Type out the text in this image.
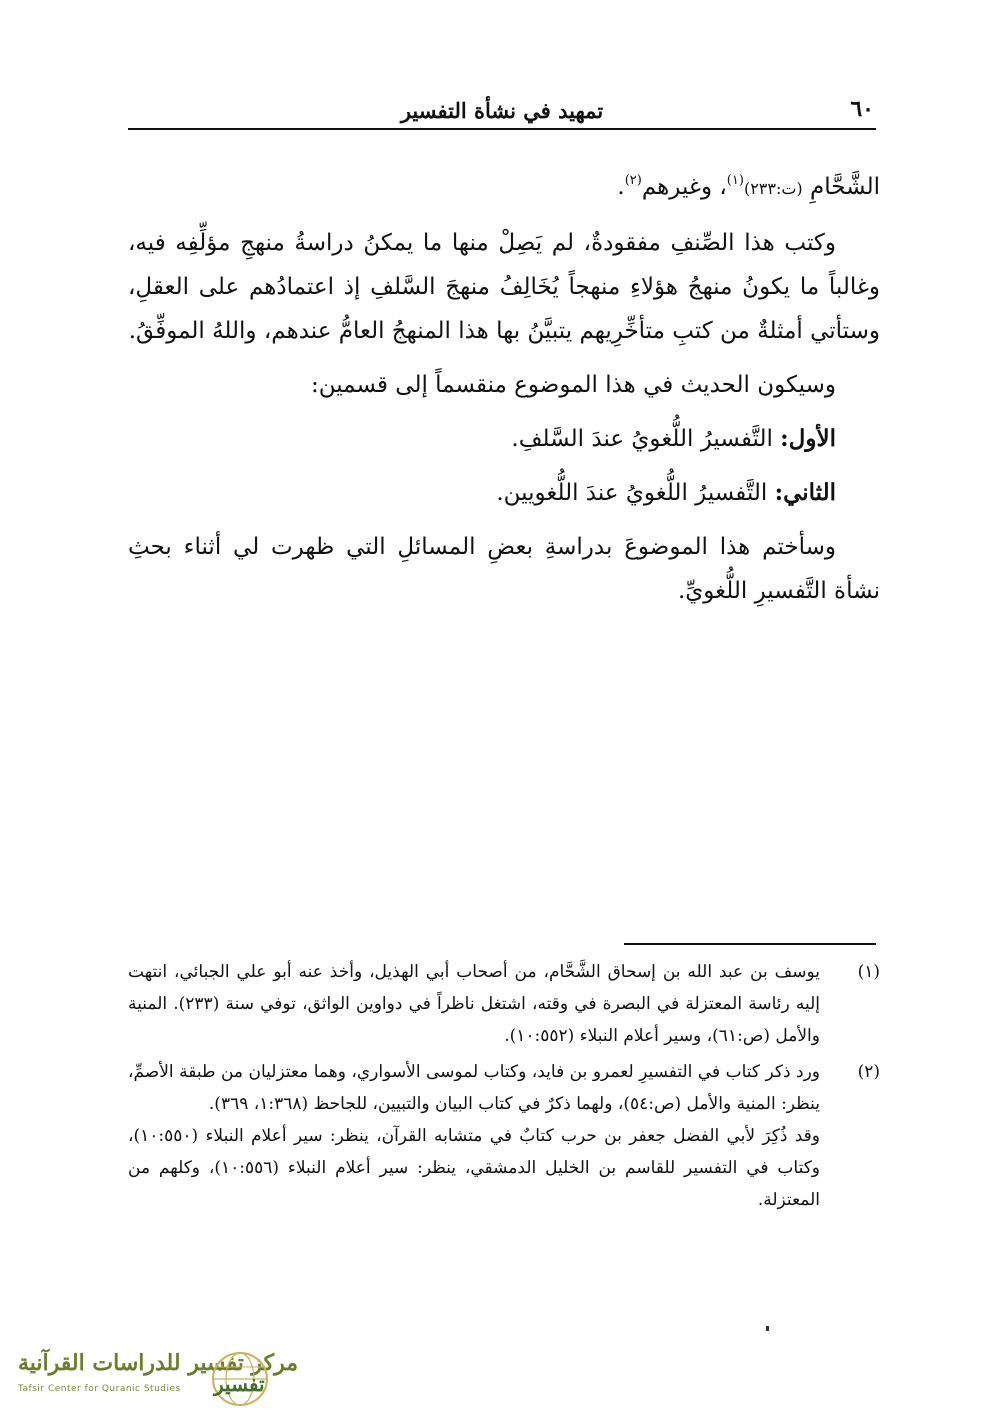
٦٠
تمهيد في نشأة التفسير

الشَّحَّامِ (ت:٢٣٣)$^{(١)}$، وغيرهم$^{(٢)}$.

وكتب هذا الصِّنفِ مفقودةٌ، لم يَصِلْ منها ما يمكنُ دراسةُ منهجِ مؤلِّفِه فيه، وغالباً ما يكونُ منهجُ هؤلاءِ منهجاً يُخَالِفُ منهجَ السَّلفِ إذ اعتمادُهم على العقلِ، وستأتي أمثلةٌ من كتبِ متأخِّرِيهم يتبيَّنُ بها هذا المنهجُ العامُّ عندهم، واللهُ الموفِّقُ.

وسيكون الحديث في هذا الموضوع منقسماً إلى قسمين:

الأول: التَّفسيرُ اللُّغويُ عندَ السَّلفِ.

الثاني: التَّفسيرُ اللُّغويُ عندَ اللُّغويين.

وسأختم هذا الموضوعَ بدراسةِ بعضِ المسائلِ التي ظهرت لي أثناء بحثِ نشأة التَّفسيرِ اللُّغويِّ.

(١)

يوسف بن عبد الله بن إسحاق الشَّحَّام، من أصحاب أبي الهذيل، وأخذ عنه أبو علي الجبائي، انتهت إليه رئاسة المعتزلة في البصرة في وقته، اشتغل ناظراً في دواوين الواثق، توفي سنة (٢٣٣). المنية والأمل (ص:٦١)، وسير أعلام النبلاء (١٠:٥٥٢).

(٢)

ورد ذكر كتاب في التفسيرِ لعمرو بن فايد، وكتاب لموسى الأسواري، وهما معتزليان من طبقة الأصمِّ، ينظر: المنية والأمل (ص:٥٤)، ولهما ذكرٌ في كتاب البيان والتبيين، للجاحظ (١:٣٦٨، ٣٦٩).

وقد ذُكِرَ لأبي الفضل جعفر بن حرب كتابٌ في متشابه القرآن، ينظر: سير أعلام النبلاء (١٠:٥٥٠)، وكتاب في التفسير للقاسم بن الخليل الدمشقي، ينظر: سير أعلام النبلاء (١٠:٥٥٦)، وكلهم من المعتزلة.

مركز تفسير للدراسات القرآنية
Tafsir Center for Quranic Studies تفسير
